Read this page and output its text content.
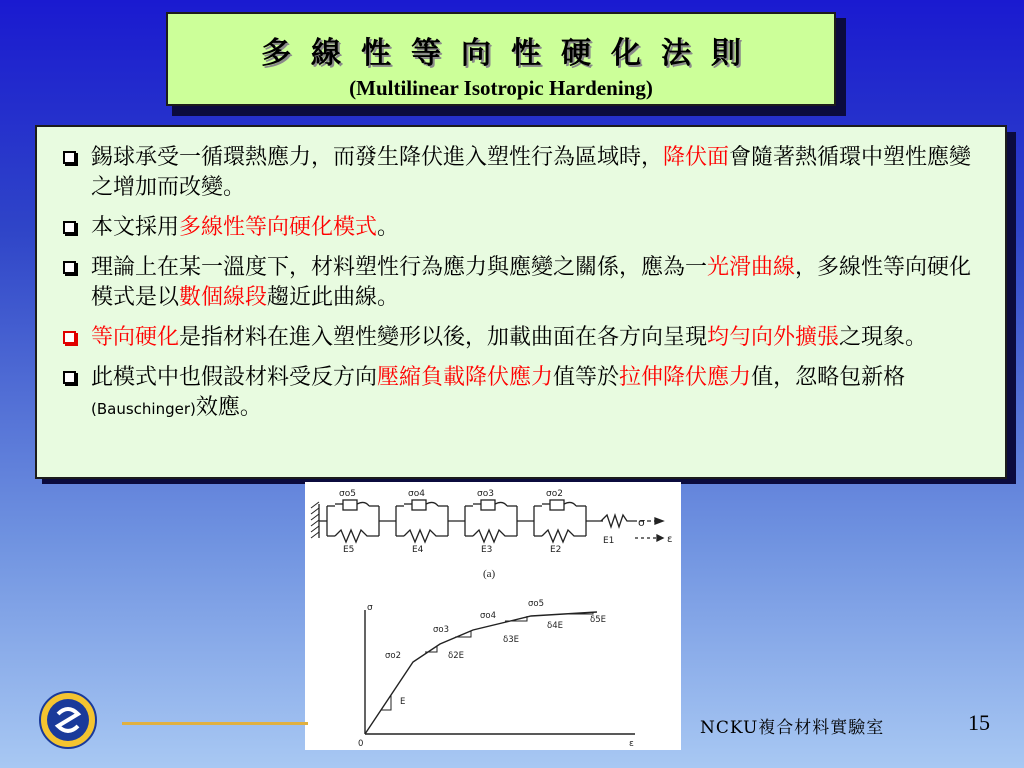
多線性等向性硬化法則
(Multilinear Isotropic Hardening)
錫球承受一循環熱應力，而發生降伏進入塑性行為區域時，降伏面會隨著熱循環中塑性應變之增加而改變。
本文採用多線性等向硬化模式。
理論上在某一溫度下，材料塑性行為應力與應變之關係，應為一光滑曲線，多線性等向硬化模式是以數個線段趨近此曲線。
等向硬化是指材料在進入塑性變形以後，加載曲面在各方向呈現均勻向外擴張之現象。
此模式中也假設材料受反方向壓縮負載降伏應力值等於拉伸降伏應力值，忽略包新格(Bauschinger)效應。
σ
ε
E1
σo5
E5
σo4
E4
σo3
E3
σo2
E2
(a)
σ
ε
0
σo2
σo3
σo4
σo5
E
δ2E
δ3E
δ4E
δ5E
NCKU複合材料實驗室	15
